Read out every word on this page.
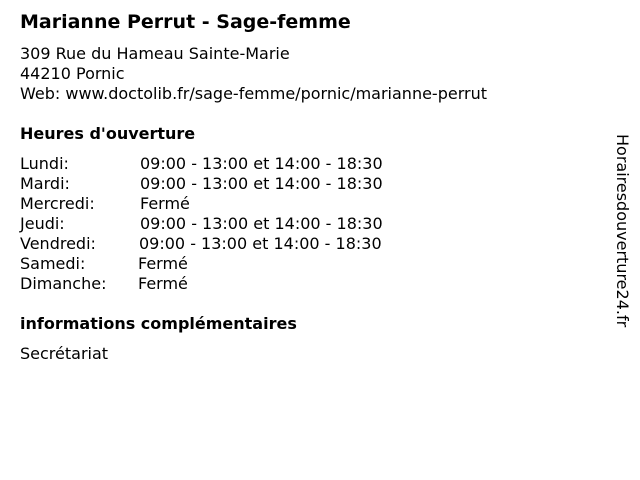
Marianne Perrut - Sage-femme
309 Rue du Hameau Sainte-Marie
44210 Pornic
Web: www.doctolib.fr/sage-femme/pornic/marianne-perrut
Heures d'ouverture
Lundi:	09:00 - 13:00 et 14:00 - 18:30
Mardi:	09:00 - 13:00 et 14:00 - 18:30
Mercredi:	Fermé
Jeudi:	09:00 - 13:00 et 14:00 - 18:30
Vendredi:	09:00 - 13:00 et 14:00 - 18:30
Samedi:	Fermé
Dimanche: Fermé
informations complémentaires
Secrétariat
Horairesdouverture24.fr
